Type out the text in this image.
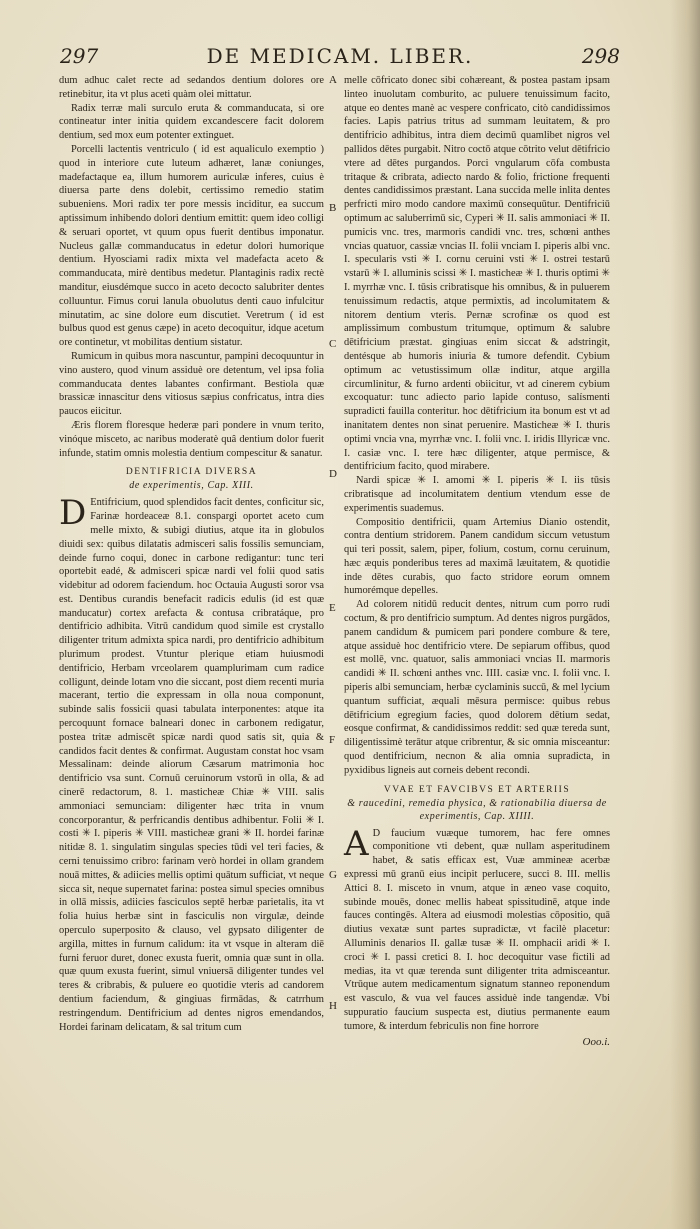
297	DE MEDICAM. LIBER.	298

dum adhuc calet recte ad sedandos dentium dolores ore retinebitur, ita vt plus aceti quàm olei mittatur.

Radix terræ mali surculo eruta & commanducata, si ore contineatur inter initia quidem excandescere facit dolorem dentium, sed mox eum potenter extinguet.

Porcelli lactentis ventriculo ( id est aqualiculo exemptio ) quod in interiore cute luteum adhæret, lanæ coniunges, madefactaque ea, illum humorem auriculæ inferes, cuius è diuersa parte dens dolebit, certissimo remedio statim subueniens. Mori radix ter pore messis inciditur, ea succum aptissimum inhibendo dolori dentium emittit: quem ideo colligi & seruari oportet, vt quum opus fuerit dentibus imponatur. Nucleus gallæ commanducatus in edetur dolori humorique dentium. Hyosciami radix mixta vel madefacta aceto & commanducata, mirè dentibus medetur. Plantaginis radix rectè manditur, eiusdémque succo in aceto decocto salubriter dentes colluuntur. Fimus corui lanula obuolutus denti cauo infulcitur minutatim, ac sine dolore eum discutiet. Veretrum ( id est bulbus quod est genus cæpe) in aceto decoquitur, idque acetum ore continetur, vt mobilitas dentium sistatur.

Rumicum in quibus mora nascuntur, pampini decoquuntur in vino austero, quod vinum assiduè ore detentum, vel ipsa folia commanducata dentes labantes confirmant. Bestiola quæ brassicæ innascitur dens vitiosus sæpius confricatus, intra dies paucos eiicitur.

Æris florem floresque hederæ pari pondere in vnum terito, vinóque misceto, ac naribus moderatè quâ dentium dolor fuerit infunde, statim omnis molestia dentium compescitur & sanatur.

DENTIFRICIA DIVERSA
de experimentis, Cap. XIII.

D Entifricium, quod splendidos facit dentes, conficitur sic, Farinæ hordeaceæ 8.1. conspargi oportet aceto cum melle mixto, & subigi diutius, atque ita in globulos diuidi sex: quibus dilatatis admisceri salis fossilis semunciam, deinde furno coqui, donec in carbone redigantur: tunc teri oportebit eadé, & admisceri spicæ nardi vel folii quod satis videbitur ad odorem faciendum. hoc Octauia Augusti soror vsa est. Dentibus curandis benefacit radicis edulis (id est quæ manducatur) cortex arefacta & contusa cribratáque, pro dentifricio adhibita. Vitrū candidum quod simile est crystallo diligenter tritum admixta spica nardi, pro dentifricio adhibitum plurimum prodest. Vtuntur plerique etiam huiusmodi dentifricio, Herbam vrceolarem quamplurimam cum radice colligunt, deinde lotam vno die siccant, post diem recenti muria macerant, tertio die expressam in olla noua componunt, subinde salis fossicii quasi tabulata interponentes: atque ita percoquunt fornace balneari donec in carbonem redigatur, postea tritæ admiscēt spicæ nardi quod satis sit, quia & candidos facit dentes & confirmat. Augustam constat hoc vsam Messalinam: deinde aliorum Cæsarum matrimonia hoc dentifricio vsa sunt. Cornuū ceruinorum vstorū in olla, & ad cinerē redactorum, 8. 1. masticheæ Chiæ ✳ VIII. salis ammoniaci semunciam: diligenter hæc trita in vnum concorporantur, & perfricandis dentibus adhibentur. Folii ✳ I. costi ✳ I. piperis ✳ VIII. masticheæ grani ✳ II. hordei farinæ nitidæ 8. 1. singulatim singulas species tūdi vel teri facies, & cerni tenuissimo cribro: farinam verò hordei in ollam grandem nouā mittes, & adiicies mellis optimi quātum sufficiat, vt neque sicca sit, neque supernatet farina: postea simul species omnibus in ollā missis, adiicies fasciculos septē herbæ parietalis, ita vt folia huius herbæ sint in fasciculis non virgulæ, deinde operculo superposito & clauso, vel gypsato diligenter de argilla, mittes in furnum calidum: ita vt vsque in alteram diē furni feruor duret, donec exusta fuerit, omnia quæ sunt in olla. quæ quum exusta fuerint, simul vniuersā diligenter tundes vel teres & cribrabis, & puluere eo quotidie vteris ad candorem dentium faciendum, & gingiuas firmādas, & catrrhum restringendum. Dentifricium ad dentes nigros emendandos, Hordei farinam delicatam, & sal tritum cum

A
B
C
D
E
F
G
H

melle cōfricato donec sibi cohæreant, & postea pastam ipsam linteo inuolutam comburito, ac puluere tenuissimum facito, atque eo dentes manè ac vespere confricato, citò candidissimos facies. Lapis patrius tritus ad summam leuitatem, & pro dentifricio adhibitus, intra diem decimū quamlibet nigros vel pallidos dētes purgabit. Nitro coctō atque cōtrito velut dētifricio vtere ad dētes purgandos. Porci vngularum cōfa combusta tritaque & cribrata, adiecto nardo & folio, frictione frequenti dentes candidissimos præstant. Lana succida melle inlita dentes perfricti miro modo candore maximū consequūtur. Dentifriciū optimum ac saluberrimū sic, Cyperi ✳ II. salis ammoniaci ✳ II. pumicis vnc. tres, marmoris candidi vnc. tres, schœni anthes vncias quatuor, cassiæ vncias II. folii vnciam I. piperis albi vnc. I. specularis vsti ✳ I. cornu ceruini vsti ✳ I. ostrei testarū vstarū ✳ I. alluminis scissi ✳ I. masticheæ ✳ I. thuris optimi ✳ I. myrrhæ vnc. I. tūsis cribratisque his omnibus, & in puluerem tenuissimum redactis, atque permixtis, ad incolumitatem & nitorem dentium vteris. Pernæ scrofinæ os quod est amplissimum combustum tritumque, optimum & salubre dētifricium præstat. gingiuas enim siccat & adstringit, dentésque ab humoris iniuria & tumore defendit. Cybium optimum ac vetustissimum ollæ inditur, atque argilla circumlinitur, & furno ardenti obiicitur, vt ad cinerem cybium excoquatur: tunc adiecto pario lapide contuso, salísmenti supradicti fauilla conteritur. hoc dētifricium ita bonum est vt ad inanitatem dentes non sinat peruenire. Masticheæ ✳ I. thuris optimi vncia vna, myrrhæ vnc. I. folii vnc. I. iridis Illyricæ vnc. I. casiæ vnc. I. tere hæc diligenter, atque permisce, & dentifricium facito, quod mirabere.

Nardi spicæ ✳ I. amomi ✳ I. piperis ✳ I. iis tūsis cribratisque ad incolumitatem dentium vtendum esse de experimentis suademus.

Compositio dentifricii, quam Artemius Dianio ostendit, contra dentium stridorem. Panem candidum siccum vetustum qui teri possit, salem, piper, folium, costum, cornu ceruinum, hæc æquis ponderibus teres ad maximā læuitatem, & quotidie inde dētes curabis, quo facto stridore eorum omnem humorémque depelles.

Ad colorem nitidū reducit dentes, nitrum cum porro rudi coctum, & pro dentifricio sumptum. Ad dentes nigros purgādos, panem candidum & pumicem pari pondere combure & tere, atque assiduè hoc dentifricio vtere. De sepiarum offibus, quod est mollē, vnc. quatuor, salis ammoniaci vncias II. marmoris candidi ✳ II. schœni anthes vnc. IIII. casiæ vnc. I. folii vnc. I. piperis albi semunciam, herbæ cyclaminis succū, & mel lycium quantum sufficiat, æquali mēsura permisce: quibus rebus dētifricium egregium facies, quod dolorem dētium sedat, eosque confirmat, & candidissimos reddit: sed quæ tereda sunt, diligentissimè terātur atque cribrentur, & sic omnia misceantur: quod dentifricium, necnon & alia omnia supradicta, in pyxidibus ligneis aut corneis debent recondi.

VVAE ET FAVCIBVS ET ARTERIIS
& raucedini, remedia physica, & rationabilia diuersa de experimentis, Cap. XIIII.

A D faucium vuæque tumorem, hac fere omnes componitione vti debent, quæ nullam asperitudinem habet, & satis efficax est, Vuæ ammineæ acerbæ expressi mū granū eius incipit perlucere, succi 8. III. mellis Attici 8. I. misceto in vnum, atque in æneo vase coquito, subinde mouēs, donec mellis habeat spissitudinē, atque inde fauces contingēs. Altera ad eiusmodi molestias cōpositio, quā diutius vexatæ sunt partes supradictæ, vt facilè placetur: Alluminis denarios II. gallæ tusæ ✳ II. omphacii aridi ✳ I. croci ✳ I. passi cretici 8. I. hoc decoquitur vase fictili ad medias, ita vt quæ terenda sunt diligenter trita admisceantur. Vtrūque autem medicamentum signatum stanneo reponendum est vasculo, & vua vel fauces assiduè inde tangendæ. Vbi suppuratio faucium suspecta est, diutius permanente eaum tumore, & interdum febriculis non fine horrore

Ooo.i.
